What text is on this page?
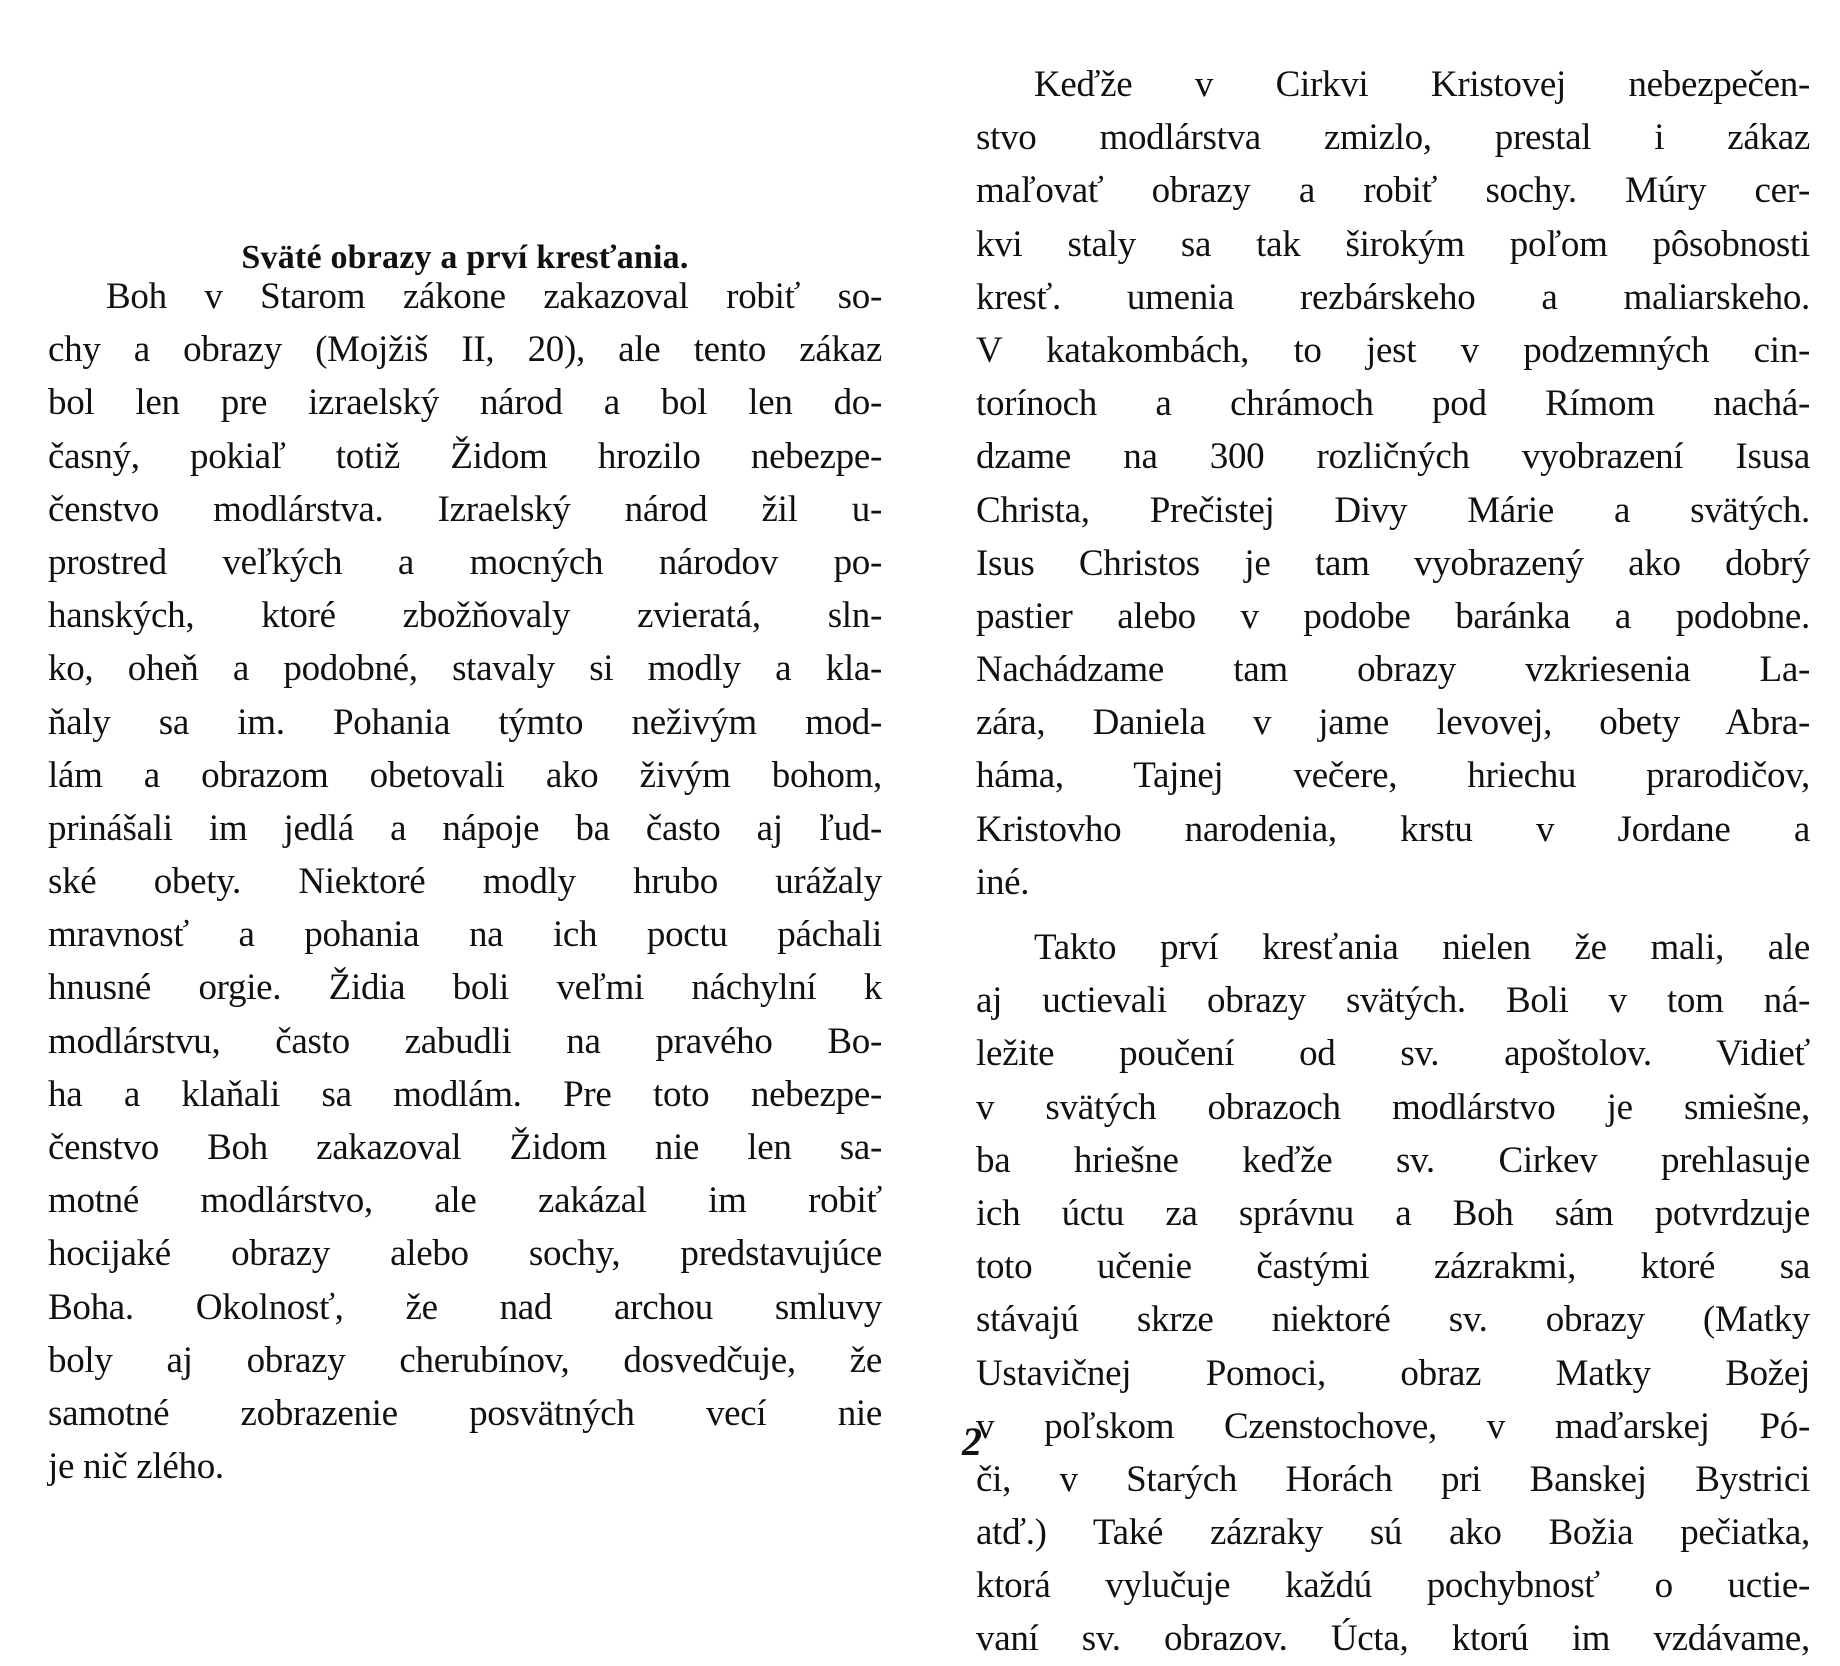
Sväté obrazy a prví kresťania.
Boh v Starom zákone zakazoval robiť so-
chy a obrazy (Mojžiš II, 20), ale tento zákaz
bol len pre izraelský národ a bol len do-
časný, pokiaľ totiž Židom hrozilo nebezpe-
čenstvo modlárstva. Izraelský národ žil u-
prostred veľkých a mocných národov po-
hanských, ktoré zbožňovaly zvieratá, sln-
ko, oheň a podobné, stavaly si modly a kla-
ňaly sa im. Pohania týmto neživým mod-
lám a obrazom obetovali ako živým bohom,
prinášali im jedlá a nápoje ba často aj ľud-
ské obety. Niektoré modly hrubo urážaly
mravnosť a pohania na ich poctu páchali
hnusné orgie. Židia boli veľmi náchylní k
modlárstvu, často zabudli na pravého Bo-
ha a klaňali sa modlám. Pre toto nebezpe-
čenstvo Boh zakazoval Židom nie len sa-
motné modlárstvo, ale zakázal im robiť
hocijaké obrazy alebo sochy, predstavujúce
Boha. Okolnosť, že nad archou smluvy
boly aj obrazy cherubínov, dosvedčuje, že
samotné zobrazenie posvätných vecí nie
je nič zlého.
Keďže v Cirkvi Kristovej nebezpečen-
stvo modlárstva zmizlo, prestal i zákaz
maľovať obrazy a robiť sochy. Múry cer-
kvi staly sa tak širokým poľom pôsobnosti
kresť. umenia rezbárskeho a maliarskeho.
V katakombách, to jest v podzemných cin-
torínoch a chrámoch pod Rímom nachá-
dzame na 300 rozličných vyobrazení Isusa
Christa, Prečistej Divy Márie a svätých.
Isus Christos je tam vyobrazený ako dobrý
pastier alebo v podobe baránka a podobne.
Nachádzame tam obrazy vzkriesenia La-
zára, Daniela v jame levovej, obety Abra-
háma, Tajnej večere, hriechu prarodičov,
Kristovho narodenia, krstu v Jordane a
iné.
Takto prví kresťania nielen že mali, ale
aj uctievali obrazy svätých. Boli v tom ná-
ležite poučení od sv. apoštolov. Vidieť
v svätých obrazoch modlárstvo je smiešne,
ba hriešne keďže sv. Cirkev prehlasuje
ich úctu za správnu a Boh sám potvrdzuje
toto učenie častými zázrakmi, ktoré sa
stávajú skrze niektoré sv. obrazy (Matky
Ustavičnej Pomoci, obraz Matky Božej
v poľskom Czenstochove, v maďarskej Pó-
či, v Starých Horách pri Banskej Bystrici
atď.) Také zázraky sú ako Božia pečiatka,
ktorá vylučuje každú pochybnosť o uctie-
vaní sv. obrazov. Úcta, ktorú im vzdávame,
2
